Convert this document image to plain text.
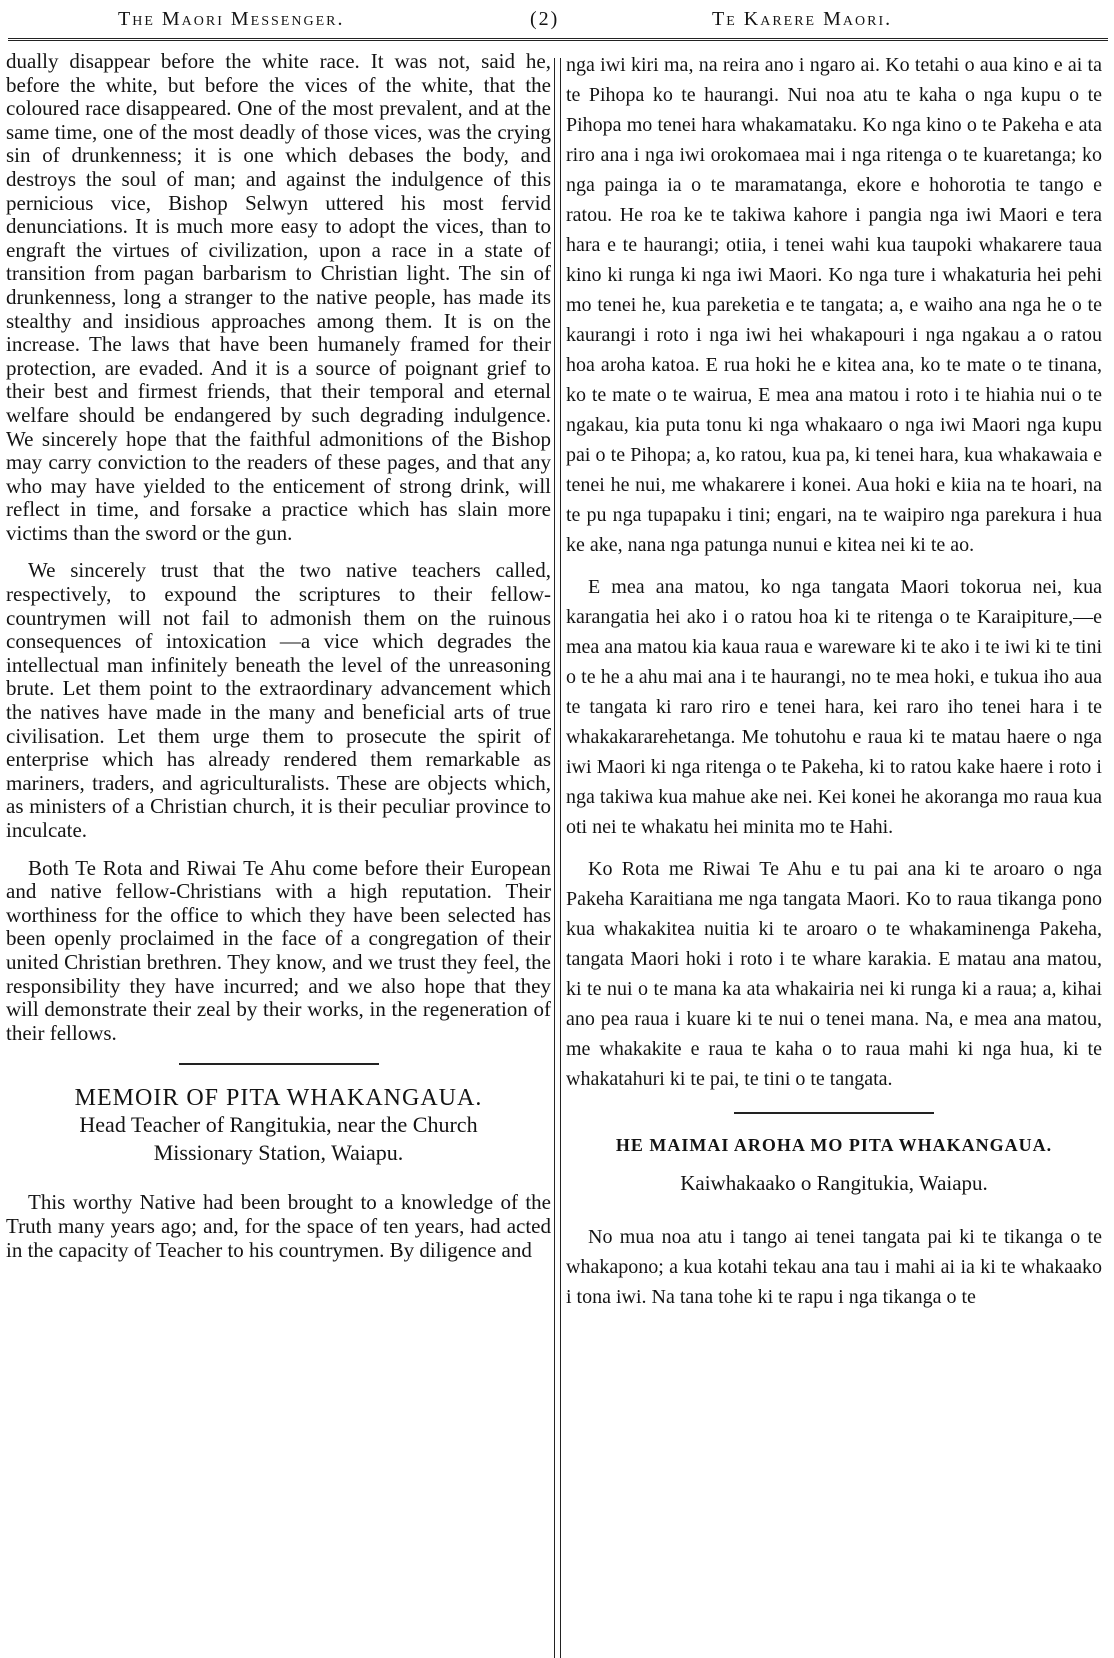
The Maori Messenger.	(2)	Te Karere Maori.

dually disappear before the white race. It was not, said he, before the white, but before the vices of the white, that the coloured race disappeared. One of the most prevalent, and at the same time, one of the most deadly of those vices, was the crying sin of drunkenness; it is one which debases the body, and destroys the soul of man; and against the indulgence of this pernicious vice, Bishop Selwyn uttered his most fervid denunciations. It is much more easy to adopt the vices, than to engraft the virtues of civilization, upon a race in a state of transition from pagan barbarism to Christian light. The sin of drunkenness, long a stranger to the native people, has made its stealthy and insidious approaches among them. It is on the increase. The laws that have been humanely framed for their protection, are evaded. And it is a source of poignant grief to their best and firmest friends, that their temporal and eternal welfare should be endangered by such degrading indulgence. We sincerely hope that the faithful admonitions of the Bishop may carry conviction to the readers of these pages, and that any who may have yielded to the enticement of strong drink, will reflect in time, and forsake a practice which has slain more victims than the sword or the gun.

We sincerely trust that the two native teachers called, respectively, to expound the scriptures to their fellow-countrymen will not fail to admonish them on the ruinous consequences of intoxication —a vice which degrades the intellectual man infinitely beneath the level of the unreasoning brute. Let them point to the extraordinary advancement which the natives have made in the many and beneficial arts of true civilisation. Let them urge them to prosecute the spirit of enterprise which has already rendered them remarkable as mariners, traders, and agriculturalists. These are objects which, as ministers of a Christian church, it is their peculiar province to inculcate.

Both Te Rota and Riwai Te Ahu come before their European and native fellow-Christians with a high reputation. Their worthiness for the office to which they have been selected has been openly proclaimed in the face of a congregation of their united Christian brethren. They know, and we trust they feel, the responsibility they have incurred; and we also hope that they will demonstrate their zeal by their works, in the regeneration of their fellows.

MEMOIR OF PITA WHAKANGAUA.
Head Teacher of Rangitukia, near the Church
Missionary Station, Waiapu.

This worthy Native had been brought to a knowledge of the Truth many years ago; and, for the space of ten years, had acted in the capacity of Teacher to his countrymen. By diligence and

nga iwi kiri ma, na reira ano i ngaro ai. Ko tetahi o aua kino e ai ta te Pihopa ko te haurangi. Nui noa atu te kaha o nga kupu o te Pihopa mo tenei hara whakamataku. Ko nga kino o te Pakeha e ata riro ana i nga iwi orokomaea mai i nga ritenga o te kuaretanga; ko nga painga ia o te maramatanga, ekore e hohorotia te tango e ratou. He roa ke te takiwa kahore i pangia nga iwi Maori e tera hara e te haurangi; otiia, i tenei wahi kua taupoki whakarere taua kino ki runga ki nga iwi Maori. Ko nga ture i whakaturia hei pehi mo tenei he, kua pareketia e te tangata; a, e waiho ana nga he o te kaurangi i roto i nga iwi hei whakapouri i nga ngakau a o ratou hoa aroha katoa. E rua hoki he e kitea ana, ko te mate o te tinana, ko te mate o te wairua, E mea ana matou i roto i te hiahia nui o te ngakau, kia puta tonu ki nga whakaaro o nga iwi Maori nga kupu pai o te Pihopa; a, ko ratou, kua pa, ki tenei hara, kua whakawaia e tenei he nui, me whakarere i konei. Aua hoki e kiia na te hoari, na te pu nga tupapaku i tini; engari, na te waipiro nga parekura i hua ke ake, nana nga patunga nunui e kitea nei ki te ao.

E mea ana matou, ko nga tangata Maori tokorua nei, kua karangatia hei ako i o ratou hoa ki te ritenga o te Karaipiture,—e mea ana matou kia kaua raua e wareware ki te ako i te iwi ki te tini o te he a ahu mai ana i te haurangi, no te mea hoki, e tukua iho aua te tangata ki raro riro e tenei hara, kei raro iho tenei hara i te whakakararehetanga. Me tohutohu e raua ki te matau haere o nga iwi Maori ki nga ritenga o te Pakeha, ki to ratou kake haere i roto i nga takiwa kua mahue ake nei. Kei konei he akoranga mo raua kua oti nei te whakatu hei minita mo te Hahi.

Ko Rota me Riwai Te Ahu e tu pai ana ki te aroaro o nga Pakeha Karaitiana me nga tangata Maori. Ko to raua tikanga pono kua whakakitea nuitia ki te aroaro o te whakaminenga Pakeha, tangata Maori hoki i roto i te whare karakia. E matau ana matou, ki te nui o te mana ka ata whakairia nei ki runga ki a raua; a, kihai ano pea raua i kuare ki te nui o tenei mana. Na, e mea ana matou, me whakakite e raua te kaha o to raua mahi ki nga hua, ki te whakatahuri ki te pai, te tini o te tangata.

HE MAIMAI AROHA MO PITA WHAKANGAUA.
Kaiwhakaako o Rangitukia, Waiapu.

No mua noa atu i tango ai tenei tangata pai ki te tikanga o te whakapono; a kua kotahi tekau ana tau i mahi ai ia ki te whakaako i tona iwi. Na tana tohe ki te rapu i nga tikanga o te
